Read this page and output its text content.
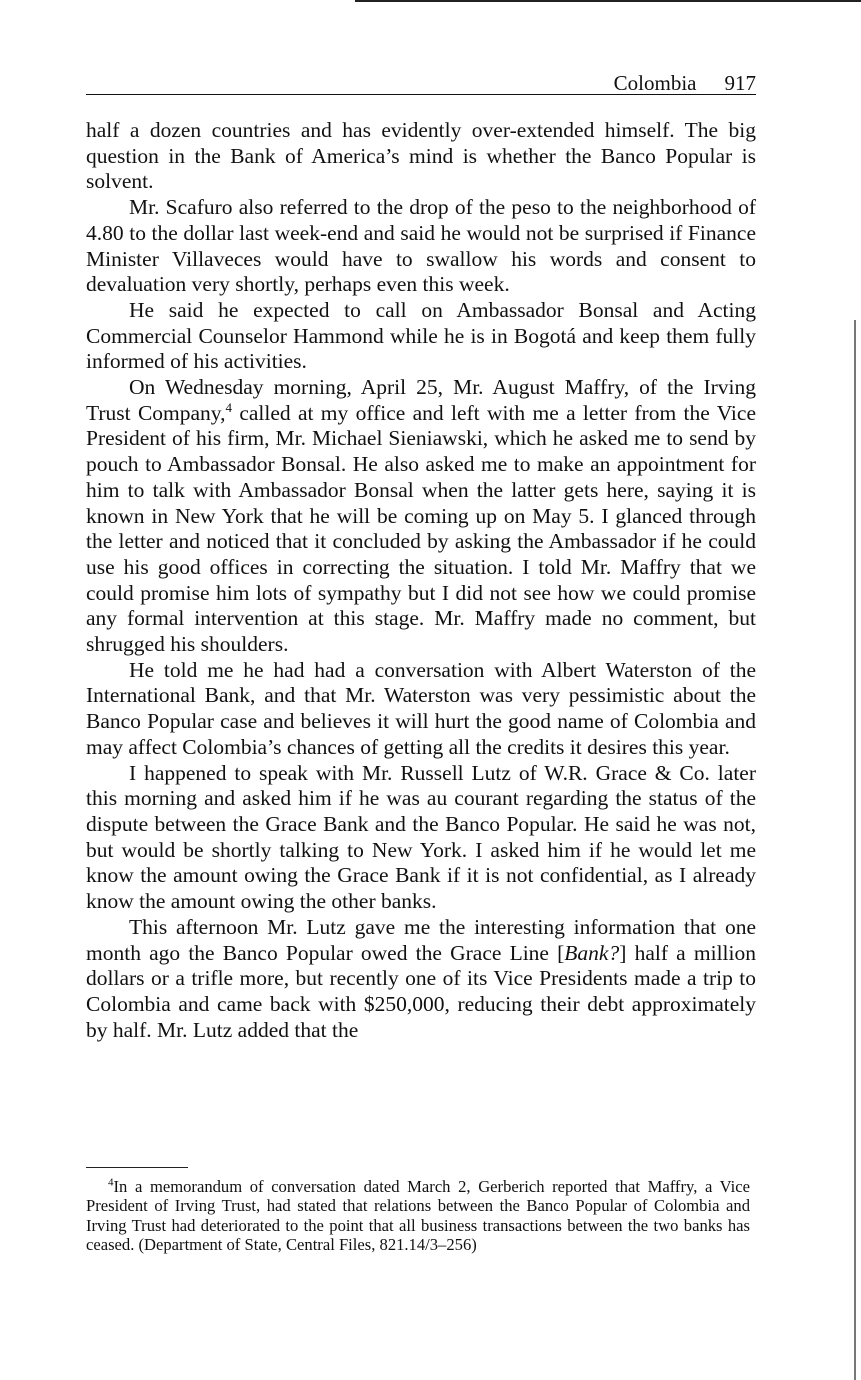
Colombia 917

half a dozen countries and has evidently over-extended himself. The big question in the Bank of America’s mind is whether the Banco Popular is solvent.

Mr. Scafuro also referred to the drop of the peso to the neighborhood of 4.80 to the dollar last week-end and said he would not be surprised if Finance Minister Villaveces would have to swallow his words and consent to devaluation very shortly, perhaps even this week.

He said he expected to call on Ambassador Bonsal and Acting Commercial Counselor Hammond while he is in Bogotá and keep them fully informed of his activities.

On Wednesday morning, April 25, Mr. August Maffry, of the Irving Trust Company,$^4$ called at my office and left with me a letter from the Vice President of his firm, Mr. Michael Sieniawski, which he asked me to send by pouch to Ambassador Bonsal. He also asked me to make an appointment for him to talk with Ambassador Bonsal when the latter gets here, saying it is known in New York that he will be coming up on May 5. I glanced through the letter and noticed that it concluded by asking the Ambassador if he could use his good offices in correcting the situation. I told Mr. Maffry that we could promise him lots of sympathy but I did not see how we could promise any formal intervention at this stage. Mr. Maffry made no comment, but shrugged his shoulders.

He told me he had had a conversation with Albert Waterston of the International Bank, and that Mr. Waterston was very pessimistic about the Banco Popular case and believes it will hurt the good name of Colombia and may affect Colombia’s chances of getting all the credits it desires this year.

I happened to speak with Mr. Russell Lutz of W.R. Grace & Co. later this morning and asked him if he was au courant regarding the status of the dispute between the Grace Bank and the Banco Popular. He said he was not, but would be shortly talking to New York. I asked him if he would let me know the amount owing the Grace Bank if it is not confidential, as I already know the amount owing the other banks.

This afternoon Mr. Lutz gave me the interesting information that one month ago the Banco Popular owed the Grace Line [Bank?] half a million dollars or a trifle more, but recently one of its Vice Presidents made a trip to Colombia and came back with $250,000, reducing their debt approximately by half. Mr. Lutz added that the

$^4$In a memorandum of conversation dated March 2, Gerberich reported that Maffry, a Vice President of Irving Trust, had stated that relations between the Banco Popular of Colombia and Irving Trust had deteriorated to the point that all business transactions between the two banks has ceased. (Department of State, Central Files, 821.14/3–256)
